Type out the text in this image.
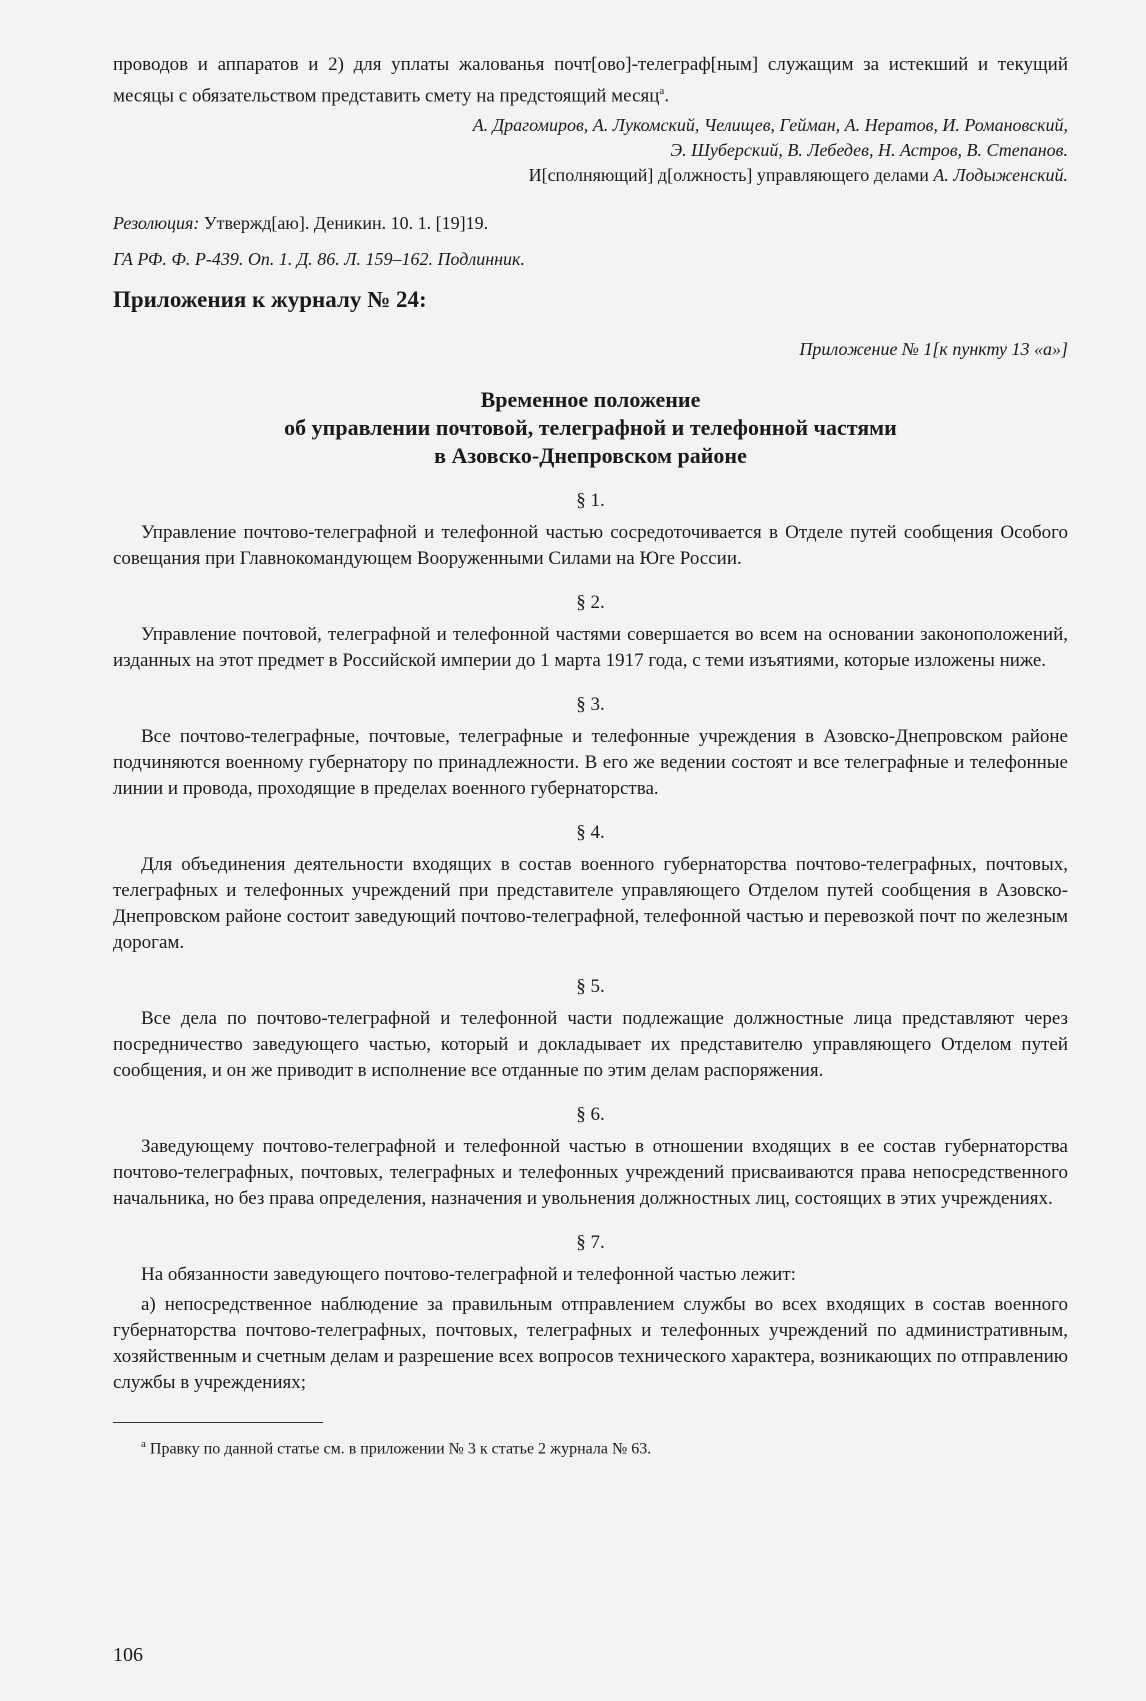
проводов и аппаратов и 2) для уплаты жалованья почт[ово]-телеграф[ным] служащим за истекший и текущий месяцы с обязательством представить смету на предстоящий месяц$^а$.

А. Драгомиров, А. Лукомский, Челищев, Гейман, А. Нератов, И. Романовский,

Э. Шуберский, В. Лебедев, Н. Астров, В. Степанов.

И[сполняющий] д[олжность] управляющего делами А. Лодыженский.

Резолюция: Утвержд[аю]. Деникин. 10. 1. [19]19.

ГА РФ. Ф. Р-439. Оп. 1. Д. 86. Л. 159–162. Подлинник.

Приложения к журналу № 24:

Приложение № 1[к пункту 13 «а»]

Временное положение
об управлении почтовой, телеграфной и телефонной частями
в Азовско-Днепровском районе
§ 1.

Управление почтово-телеграфной и телефонной частью сосредоточивается в Отделе путей сообщения Особого совещания при Главнокомандующем Вооруженными Силами на Юге России.

§ 2.

Управление почтовой, телеграфной и телефонной частями совершается во всем на основании законоположений, изданных на этот предмет в Российской империи до 1 марта 1917 года, с теми изъятиями, которые изложены ниже.

§ 3.

Все почтово-телеграфные, почтовые, телеграфные и телефонные учреждения в Азовско-Днепровском районе подчиняются военному губернатору по принадлежности. В его же ведении состоят и все телеграфные и телефонные линии и провода, проходящие в пределах военного губернаторства.

§ 4.

Для объединения деятельности входящих в состав военного губернаторства почтово-телеграфных, почтовых, телеграфных и телефонных учреждений при представителе управляющего Отделом путей сообщения в Азовско-Днепровском районе состоит заведующий почтово-телеграфной, телефонной частью и перевозкой почт по железным дорогам.

§ 5.

Все дела по почтово-телеграфной и телефонной части подлежащие должностные лица представляют через посредничество заведующего частью, который и докладывает их представителю управляющего Отделом путей сообщения, и он же приводит в исполнение все отданные по этим делам распоряжения.

§ 6.

Заведующему почтово-телеграфной и телефонной частью в отношении входящих в ее состав губернаторства почтово-телеграфных, почтовых, телеграфных и телефонных учреждений присваиваются права непосредственного начальника, но без права определения, назначения и увольнения должностных лиц, состоящих в этих учреждениях.

§ 7.

На обязанности заведующего почтово-телеграфной и телефонной частью лежит:

а) непосредственное наблюдение за правильным отправлением службы во всех входящих в состав военного губернаторства почтово-телеграфных, почтовых, телеграфных и телефонных учреждений по административным, хозяйственным и счетным делам и разрешение всех вопросов технического характера, возникающих по отправлению службы в учреждениях;

$^а$ Правку по данной статье см. в приложении № 3 к статье 2 журнала № 63.

106
